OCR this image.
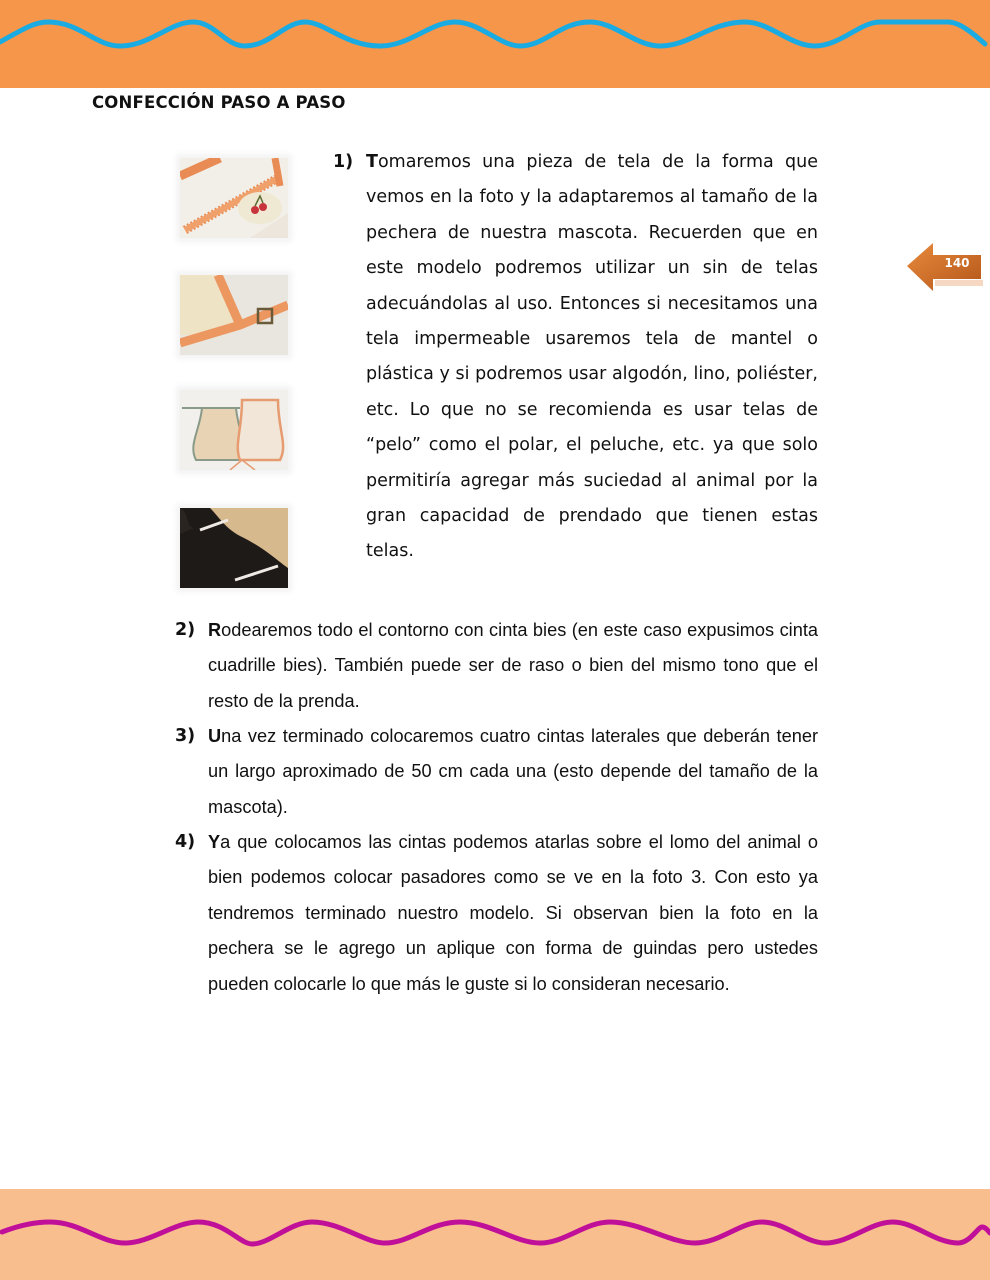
CONFECCIÓN PASO A PASO
140
1) Tomaremos una pieza de tela de la forma que vemos en la foto y la adaptaremos al tamaño de la pechera de nuestra mascota. Recuerden que en este modelo podremos utilizar un sin de telas adecuándolas al uso. Entonces si necesitamos una tela impermeable usaremos tela de mantel o plástica y si podremos usar algodón, lino, poliéster, etc. Lo que no se recomienda es usar telas de “pelo” como el polar, el peluche, etc. ya que solo permitiría agregar más suciedad al animal por la gran capacidad de prendado que tienen estas telas.
2) Rodearemos todo el contorno con cinta bies (en este caso expusimos cinta cuadrille bies). También puede ser de raso o bien del mismo tono que el resto de la prenda.
3) Una vez terminado colocaremos cuatro cintas laterales que deberán tener un largo aproximado de 50 cm cada una (esto depende del tamaño de la mascota).
4) Ya que colocamos las cintas podemos atarlas sobre el lomo del animal o bien podemos colocar pasadores como se ve en la foto 3. Con esto ya tendremos terminado nuestro modelo. Si observan bien la foto en la pechera se le agrego un aplique con forma de guindas pero ustedes pueden colocarle lo que más le guste si lo consideran necesario.
